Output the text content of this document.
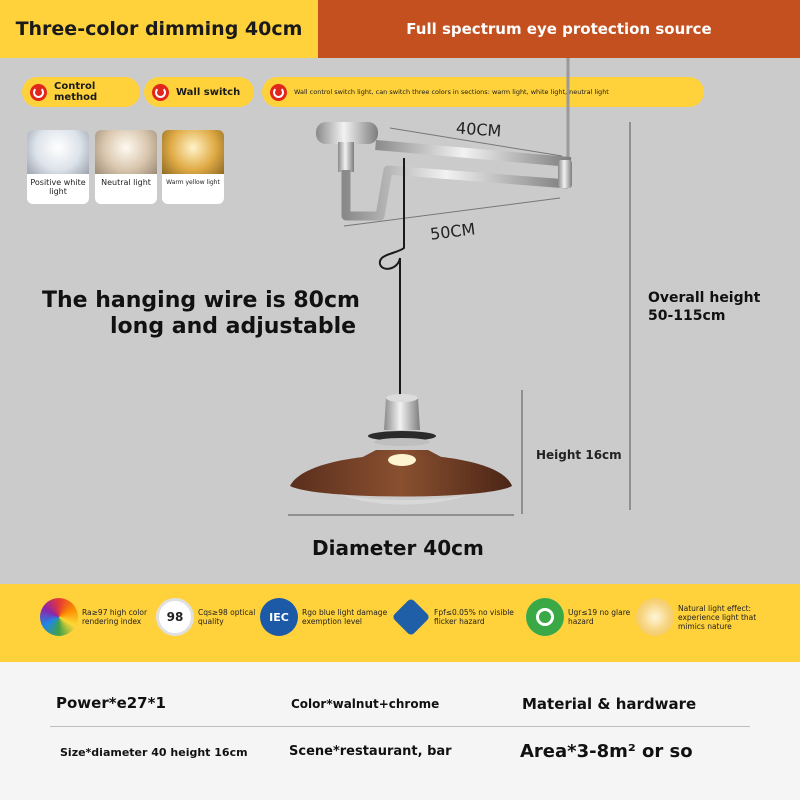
Three-color dimming 40cm	Full spectrum eye protection source
Control method	Wall switch	Wall control switch light, can switch three colors in sections: warm light, white light, neutral light
Positive white light
Neutral light	Warm yellow light
The hanging wire is 80cm
long and adjustable
Overall height
50-115cm
40CM
50CM
Height 16cm
Diameter 40cm
Ra≥97 high color rendering index	98 Cqs≥98 optical quality	IEC Rgo blue light damage exemption level
Fpf≤0.05% no visible flicker hazard
Ugr≤19 no glare hazard
Natural light effect: experience light that mimics nature
Power*e27*1	Color*walnut+chrome	Material & hardware
Size*diameter 40 height 16cm	Scene*restaurant, bar	Area*3-8m² or so
